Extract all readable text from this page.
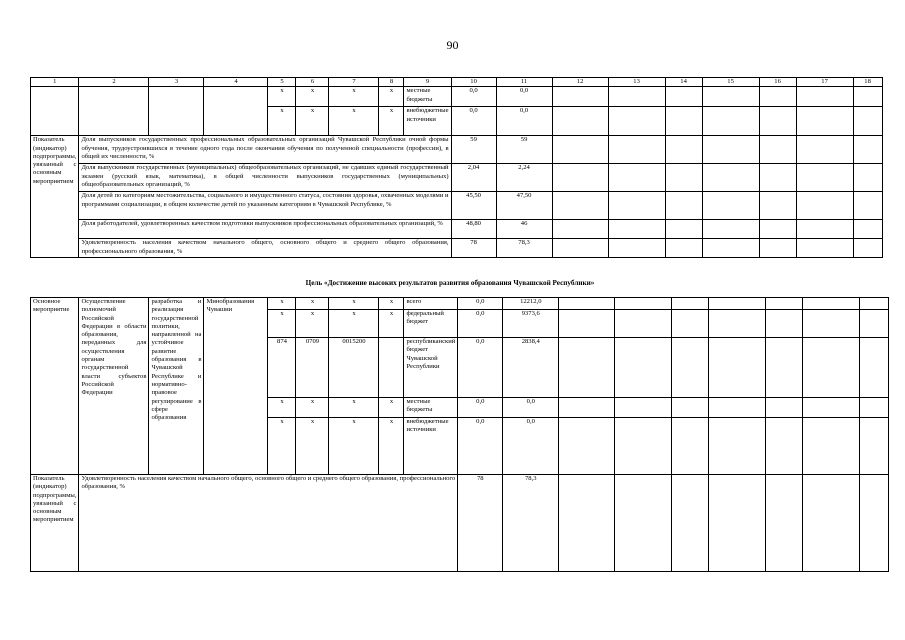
90
1	2	3	4	5	6	7	8	9	10	11	12	13	14	15	16	17	18
				x	x	x	x	местные бюджеты	0,0	0,0							
				x	x	x	x	внебюджетные источники	0,0	0,0							
Показатель (индикатор) подпрограммы, увязанный с основным мероприятием	Доля выпускников государственных профессиональных образовательных организаций Чувашской Республики очной формы обучения, трудоустроившихся в течение одного года после окончания обучения по полученной специальности (профессии), в общей их численности, %								59	59							
	Доля выпускников государственных (муниципальных) общеобразовательных организаций, не сдавших единый государственный экзамен (русский язык, математика), в общей численности выпускников государственных (муниципальных) общеобразовательных организаций, %								2,04	2,24							
	Доля детей по категориям местожительства, социального и имущественного статуса, состояния здоровья, охваченных моделями и программами социализации, в общем количестве детей по указанным категориям в Чувашской Республике, %								45,50	47,50							
	Доля работодателей, удовлетворенных качеством подготовки выпускников профессиональных образовательных организаций, %								48,80	46							
	Удовлетворенность населения качеством начального общего, основного общего и среднего общего образования, профессионального образования, %								78	78,3							
Цель «Достижение высоких результатов развития образования Чувашской Республики»
Основное мероприятие	Осуществление полномочий Российской Федерации в области образования, переданных для осуществления органам государственной власти субъектов Российской Федерации	разработка и реализация государственной политики, направленной на устойчивое развитие образования в Чувашской Республике и нормативно-правовое регулирование в сфере образования	Минобразования Чувашии	x	x	x	x	всего	0,0	12212,0							
				x	x	x	x	федеральный бюджет	0,0	9373,6							
				874	0709	0015200		республиканский бюджет Чувашской Республики	0,0	2838,4							
				x	x	x	x	местные бюджеты	0,0	0,0							
				x	x	x	x	внебюджетные источники	0,0	0,0							
Показатель (индикатор) подпрограммы, увязанный с основным мероприятием	Удовлетворенность населения качеством начального общего, основного общего и среднего общего образования, профессионального образования, %								78	78,3							
